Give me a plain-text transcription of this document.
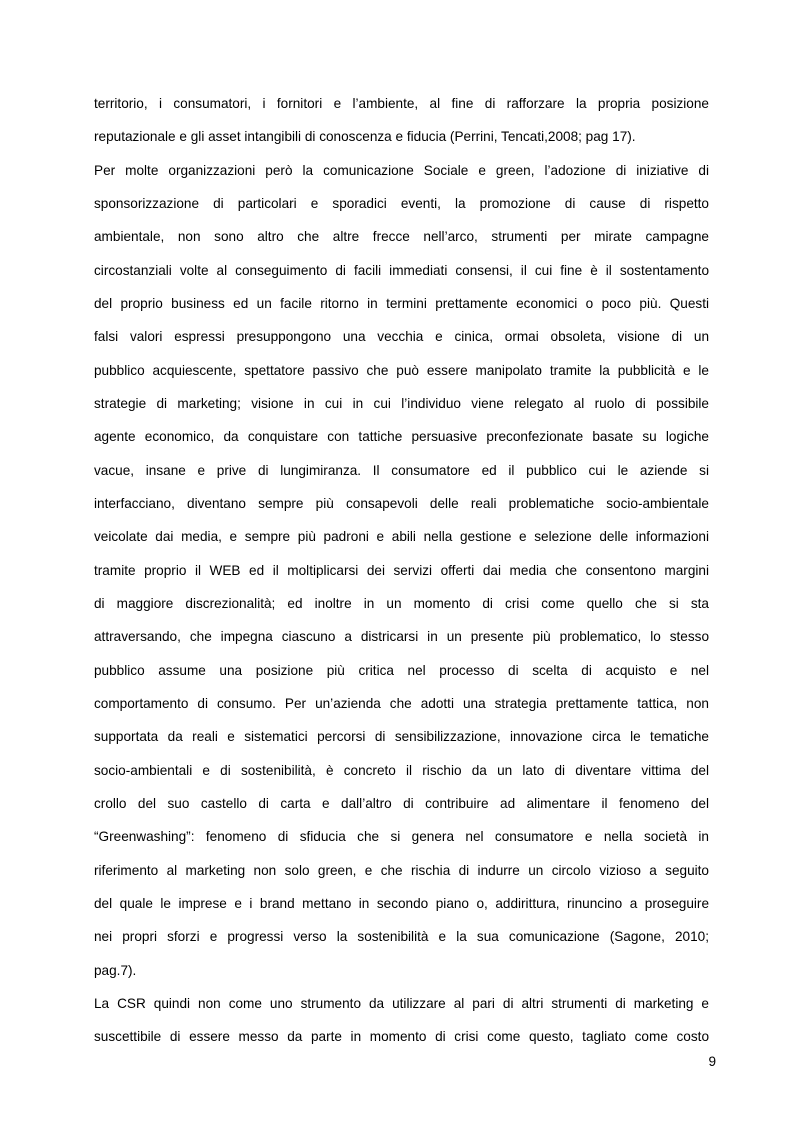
territorio, i consumatori, i fornitori e l’ambiente, al fine di rafforzare la propria posizione
reputazionale e gli asset intangibili di conoscenza e fiducia (Perrini, Tencati,2008; pag 17).
Per molte organizzazioni però la comunicazione Sociale e green, l’adozione di iniziative di
sponsorizzazione di particolari e sporadici eventi, la promozione di cause di rispetto
ambientale, non sono altro che altre frecce nell’arco, strumenti per mirate campagne
circostanziali volte al conseguimento di facili immediati consensi, il cui fine è il sostentamento
del proprio business ed un facile ritorno in termini prettamente economici o poco più. Questi
falsi valori espressi presuppongono una vecchia e cinica, ormai obsoleta, visione di un
pubblico acquiescente, spettatore passivo che può essere manipolato tramite la pubblicità e le
strategie di marketing; visione in cui in cui l’individuo viene relegato al ruolo di possibile
agente economico, da conquistare con tattiche persuasive preconfezionate basate su logiche
vacue, insane e prive di lungimiranza. Il consumatore ed il pubblico cui le aziende si
interfacciano, diventano sempre più consapevoli delle reali problematiche socio-ambientale
veicolate dai media, e sempre più padroni e abili nella gestione e selezione delle informazioni
tramite proprio il WEB ed il moltiplicarsi dei servizi offerti dai media che consentono margini
di maggiore discrezionalità; ed inoltre in un momento di crisi come quello che si sta
attraversando, che impegna ciascuno a districarsi in un presente più problematico, lo stesso
pubblico assume una posizione più critica nel processo di scelta di acquisto e nel
comportamento di consumo. Per un’azienda che adotti una strategia prettamente tattica, non
supportata da reali e sistematici percorsi di sensibilizzazione, innovazione circa le tematiche
socio-ambientali e di sostenibilità, è concreto il rischio da un lato di diventare vittima del
crollo del suo castello di carta e dall’altro di contribuire ad alimentare il fenomeno del
“Greenwashing”: fenomeno di sfiducia che si genera nel consumatore e nella società in
riferimento al marketing non solo green, e che rischia di indurre un circolo vizioso a seguito
del quale le imprese e i brand mettano in secondo piano o, addirittura, rinuncino a proseguire
nei propri sforzi e progressi verso la sostenibilità e la sua comunicazione (Sagone, 2010;
pag.7).
La CSR quindi non come uno strumento da utilizzare al pari di altri strumenti di marketing e
suscettibile di essere messo da parte in momento di crisi come questo, tagliato come costo
9
